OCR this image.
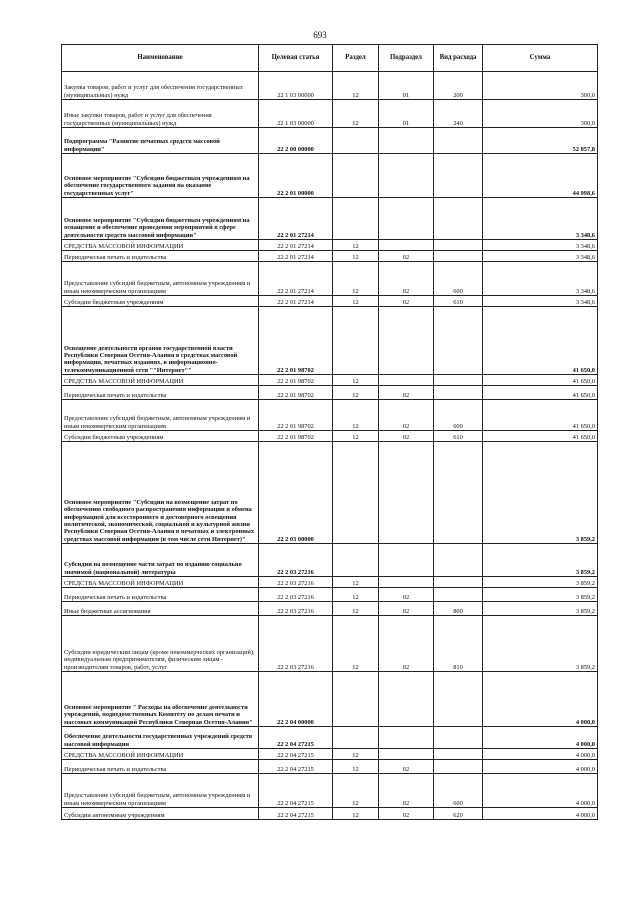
693
Наименование	Целевая статья	Раздел	Подраздел	Вид расхода	Сумма
Закупка товаров, работ и услуг для обеспечения государственных (муниципальных) нужд	22 1 03 00000	12	01	200	300,0
Иные закупки товаров, работ и услуг для обеспечения государственных (муниципальных) нужд	22 1 03 00000	12	01	240	300,0
Подпрограмма "Развитие печатных средств массовой информации"	22 2 00 00000				52 857,8
Основное мероприятие "Субсидии бюджетным учреждениям на обеспечение государственного задания на оказание государственных услуг"	22 2 01 00000				44 998,6
Основное мероприятие "Субсидии бюджетным учреждениям на оснащение и обеспечение проведения мероприятий в сфере деятельности средств массовой информации"	22 2 01 27214				3 348,6
СРЕДСТВА МАССОВОЙ ИНФОРМАЦИИ	22 2 01 27214	12			3 348,6
Периодическая печать и издательства	22 2 01 27214	12	02		3 348,6
Предоставление субсидий бюджетным, автономным учреждениям и иным некоммерческим организациям	22 2 01 27214	12	02	600	3 348,6
Субсидии бюджетным учреждениям	22 2 01 27214	12	02	610	3 348,6
Освещение деятельности органов государственной власти Республики Северная Осетия-Алания в средствах массовой информации, печатных изданиях, в информационно-телекоммуникационной сети ""Интернет""	22 2 01 98702				41 650,0
СРЕДСТВА МАССОВОЙ ИНФОРМАЦИИ	22 2 01 98702	12			41 650,0
Периодическая печать и издательства	22 2 01 98702	12	02		41 650,0
Предоставление субсидий бюджетным, автономным учреждениям и иным некоммерческим организациям	22 2 01 98702	12	02	600	41 650,0
Субсидии бюджетным учреждениям	22 2 01 98702	12	02	610	41 650,0
Основное мероприятие "Субсидии на возмещение затрат по обеспечению свободного распространения информации и обмена информацией для всестороннего и достоверного освещения политической, экономической, социальной и культурной жизни Республики Северная Осетия-Алания в печатных и электронных средствах массовой информации (в том числе сети Интернет)"	22 2 03 00000				3 859,2
Субсидии на возмещение части затрат по изданию социально значимой (национальной) литературы	22 2 03 27216				3 859,2
СРЕДСТВА МАССОВОЙ ИНФОРМАЦИИ	22 2 03 27216	12			3 859,2
Периодическая печать и издательства	22 2 03 27216	12	02		3 859,2
Иные бюджетные ассигнования	22 2 03 27216	12	02	800	3 859,2
Субсидии юридическим лицам (кроме некоммерческих организаций), индивидуальным предпринимателям, физическим лицам - производителям товаров, работ, услуг	22 2 03 27216	12	02	810	3 859,2
Основное мероприятие " Расходы на обеспечение деятельности учреждений, подведомственных Комитету по делам печати и массовых коммуникаций Республики Северная Осетия-Алания"	22 2 04 00000				4 000,0
Обеспечение деятельности государственных учреждений средств массовой информации	22 2 04 27215				4 000,0
СРЕДСТВА МАССОВОЙ ИНФОРМАЦИИ	22 2 04 27215	12			4 000,0
Периодическая печать и издательства	22 2 04 27215	12	02		4 000,0
Предоставление субсидий бюджетным, автономным учреждениям и иным некоммерческим организациям	22 2 04 27215	12	02	600	4 000,0
Субсидии автономным учреждениям	22 2 04 27215	12	02	620	4 000,0
